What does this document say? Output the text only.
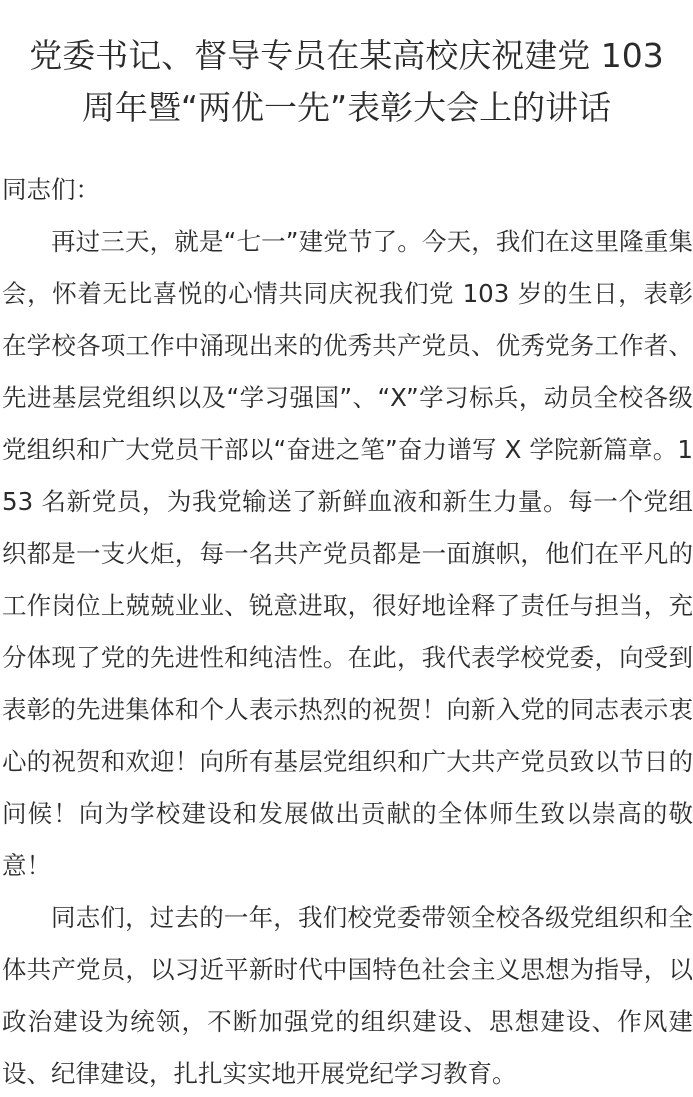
党委书记、督导专员在某高校庆祝建党 103
周年暨“两优一先”表彰大会上的讲话

同志们：

再过三天，就是“七一”建党节了。今天，我们在这里隆重集会，怀着无比喜悦的心情共同庆祝我们党 103 岁的生日，表彰在学校各项工作中涌现出来的优秀共产党员、优秀党务工作者、先进基层党组织以及“学习强国”、“X”学习标兵，动员全校各级党组织和广大党员干部以“奋进之笔”奋力谱写 X 学院新篇章。153 名新党员，为我党输送了新鲜血液和新生力量。每一个党组织都是一支火炬，每一名共产党员都是一面旗帜，他们在平凡的工作岗位上兢兢业业、锐意进取，很好地诠释了责任与担当，充分体现了党的先进性和纯洁性。在此，我代表学校党委，向受到表彰的先进集体和个人表示热烈的祝贺！向新入党的同志表示衷心的祝贺和欢迎！向所有基层党组织和广大共产党员致以节日的问候！向为学校建设和发展做出贡献的全体师生致以崇高的敬意！

同志们，过去的一年，我们校党委带领全校各级党组织和全体共产党员，以习近平新时代中国特色社会主义思想为指导，以政治建设为统领，不断加强党的组织建设、思想建设、作风建设、纪律建设，扎扎实实地开展党纪学习教育。
